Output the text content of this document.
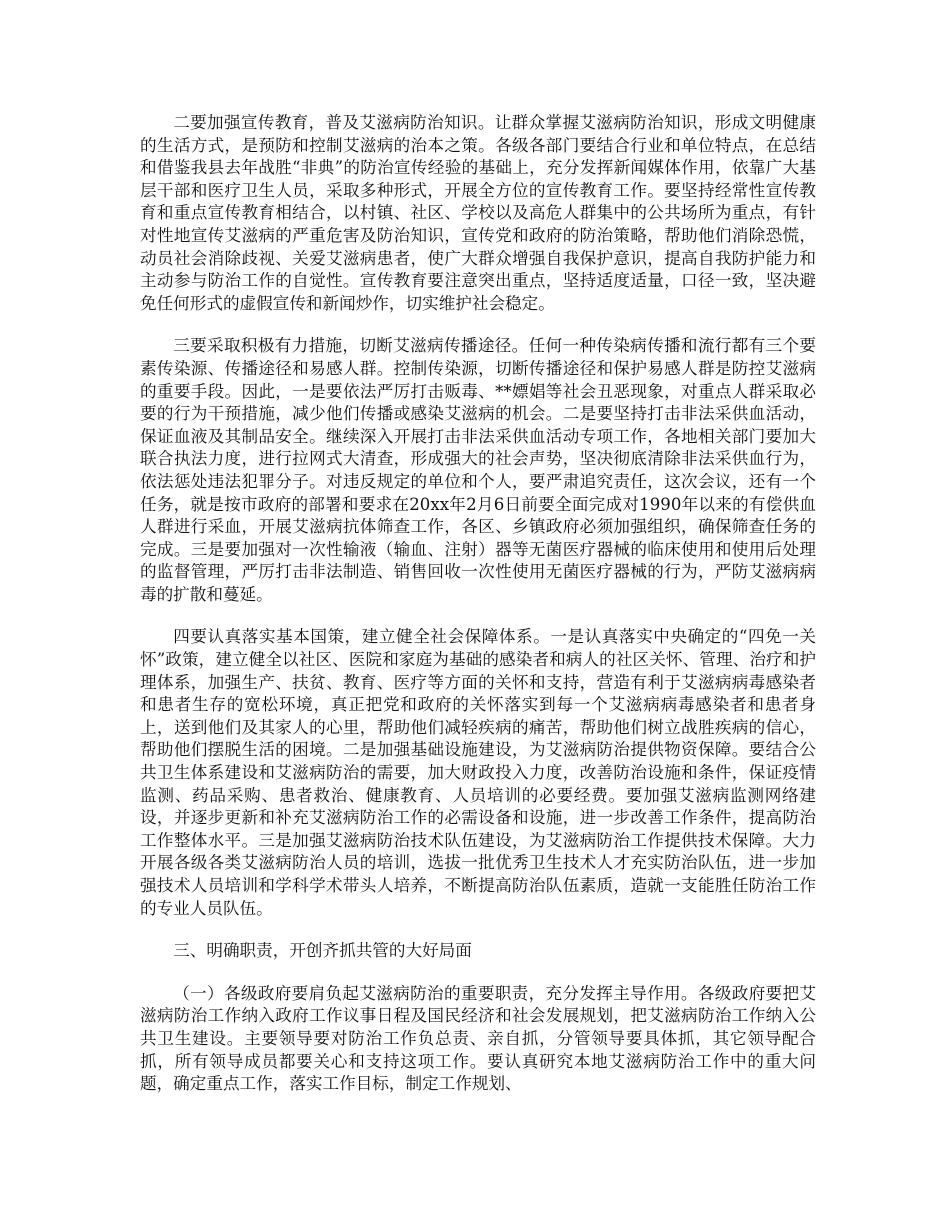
二要加强宣传教育，普及艾滋病防治知识。让群众掌握艾滋病防治知识，形成文明健康的生活方式，是预防和控制艾滋病的治本之策。各级各部门要结合行业和单位特点，在总结和借鉴我县去年战胜“非典”的防治宣传经验的基础上，充分发挥新闻媒体作用，依靠广大基层干部和医疗卫生人员，采取多种形式，开展全方位的宣传教育工作。要坚持经常性宣传教育和重点宣传教育相结合，以村镇、社区、学校以及高危人群集中的公共场所为重点，有针对性地宣传艾滋病的严重危害及防治知识，宣传党和政府的防治策略，帮助他们消除恐慌，动员社会消除歧视、关爱艾滋病患者，使广大群众增强自我保护意识，提高自我防护能力和主动参与防治工作的自觉性。宣传教育要注意突出重点，坚持适度适量，口径一致，坚决避免任何形式的虚假宣传和新闻炒作，切实维护社会稳定。

三要采取积极有力措施，切断艾滋病传播途径。任何一种传染病传播和流行都有三个要素传染源、传播途径和易感人群。控制传染源，切断传播途径和保护易感人群是防控艾滋病的重要手段。因此，一是要依法严厉打击贩毒、**嫖娼等社会丑恶现象，对重点人群采取必要的行为干预措施，减少他们传播或感染艾滋病的机会。二是要坚持打击非法采供血活动，保证血液及其制品安全。继续深入开展打击非法采供血活动专项工作，各地相关部门要加大联合执法力度，进行拉网式大清查，形成强大的社会声势，坚决彻底清除非法采供血行为，依法惩处违法犯罪分子。对违反规定的单位和个人，要严肃追究责任，这次会议，还有一个任务，就是按市政府的部署和要求在20xx年2月6日前要全面完成对1990年以来的有偿供血人群进行采血，开展艾滋病抗体筛查工作，各区、乡镇政府必须加强组织，确保筛查任务的完成。三是要加强对一次性输液（输血、注射）器等无菌医疗器械的临床使用和使用后处理的监督管理，严厉打击非法制造、销售回收一次性使用无菌医疗器械的行为，严防艾滋病病毒的扩散和蔓延。

四要认真落实基本国策，建立健全社会保障体系。一是认真落实中央确定的“四免一关怀”政策，建立健全以社区、医院和家庭为基础的感染者和病人的社区关怀、管理、治疗和护理体系，加强生产、扶贫、教育、医疗等方面的关怀和支持，营造有利于艾滋病病毒感染者和患者生存的宽松环境，真正把党和政府的关怀落实到每一个艾滋病病毒感染者和患者身上，送到他们及其家人的心里，帮助他们减轻疾病的痛苦，帮助他们树立战胜疾病的信心，帮助他们摆脱生活的困境。二是加强基础设施建设，为艾滋病防治提供物资保障。要结合公共卫生体系建设和艾滋病防治的需要，加大财政投入力度，改善防治设施和条件，保证疫情监测、药品采购、患者救治、健康教育、人员培训的必要经费。要加强艾滋病监测网络建设，并逐步更新和补充艾滋病防治工作的必需设备和设施，进一步改善工作条件，提高防治工作整体水平。三是加强艾滋病防治技术队伍建设，为艾滋病防治工作提供技术保障。大力开展各级各类艾滋病防治人员的培训，选拔一批优秀卫生技术人才充实防治队伍，进一步加强技术人员培训和学科学术带头人培养，不断提高防治队伍素质，造就一支能胜任防治工作的专业人员队伍。

三、明确职责，开创齐抓共管的大好局面

（一）各级政府要肩负起艾滋病防治的重要职责，充分发挥主导作用。各级政府要把艾滋病防治工作纳入政府工作议事日程及国民经济和社会发展规划，把艾滋病防治工作纳入公共卫生建设。主要领导要对防治工作负总责、亲自抓，分管领导要具体抓，其它领导配合抓，所有领导成员都要关心和支持这项工作。要认真研究本地艾滋病防治工作中的重大问题，确定重点工作，落实工作目标，制定工作规划、
